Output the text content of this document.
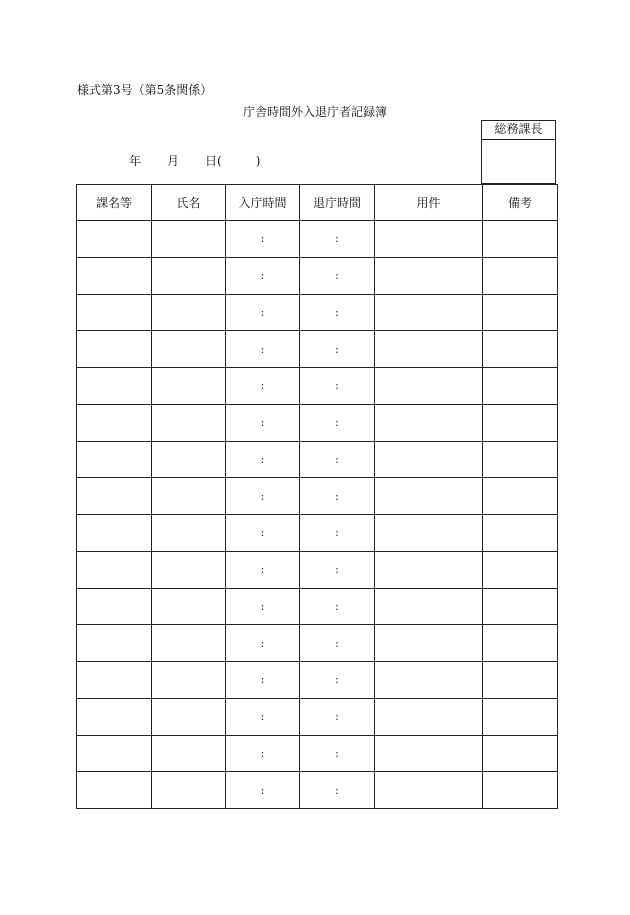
様式第3号（第5条関係）
庁舎時間外入退庁者記録簿
年 月 日(	)
総務課長
課名等	氏名	入庁時間	退庁時間	用件	備考
		:	:		
		:	:		
		:	:		
		:	:		
		:	:		
		:	:		
		:	:		
		:	:		
		:	:		
		:	:		
		:	:		
		:	:		
		:	:		
		:	:		
		:	:		
		:	:		
